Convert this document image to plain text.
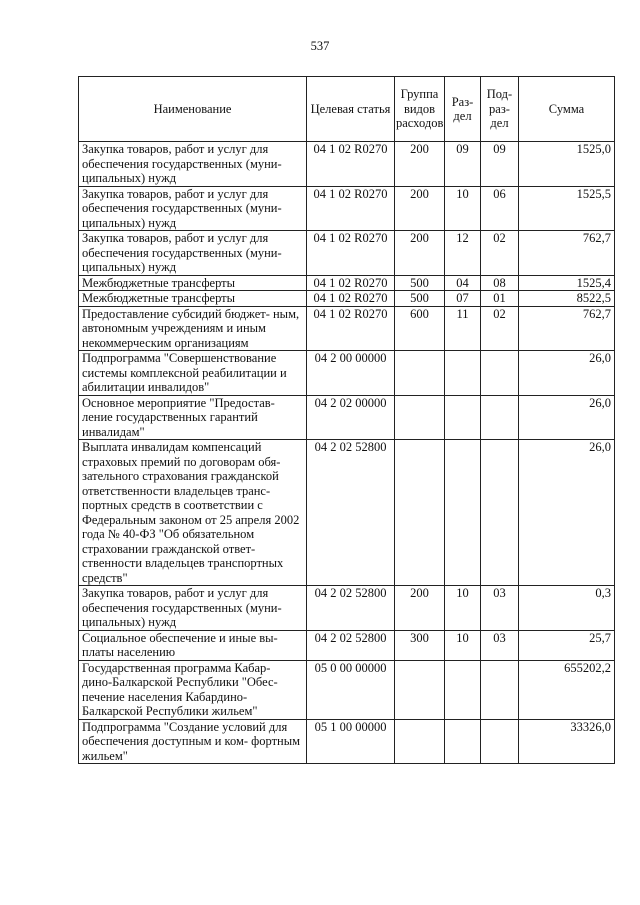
537
Наименование	Целевая статья	Группа видов расходов	Раз- дел	Под- раз- дел	Сумма
Закупка товаров, работ и услуг для обеспечения государственных (муни- ципальных) нужд	04 1 02 R0270	200	09	09	1525,0
Закупка товаров, работ и услуг для обеспечения государственных (муни- ципальных) нужд	04 1 02 R0270	200	10	06	1525,5
Закупка товаров, работ и услуг для обеспечения государственных (муни- ципальных) нужд	04 1 02 R0270	200	12	02	762,7
Межбюджетные трансферты	04 1 02 R0270	500	04	08	1525,4
Межбюджетные трансферты	04 1 02 R0270	500	07	01	8522,5
Предоставление субсидий бюджет- ным, автономным учреждениям и иным некоммерческим организациям	04 1 02 R0270	600	11	02	762,7
Подпрограмма "Совершенствование системы комплексной реабилитации и абилитации инвалидов"	04 2 00 00000				26,0
Основное мероприятие "Предостав- ление государственных гарантий инвалидам"	04 2 02 00000				26,0
Выплата инвалидам компенсаций страховых премий по договорам обя- зательного страхования гражданской ответственности владельцев транс- портных средств в соответствии с Федеральным законом от 25 апреля 2002 года № 40-ФЗ "Об обязательном страховании гражданской ответ- ственности владельцев транспортных средств"	04 2 02 52800				26,0
Закупка товаров, работ и услуг для обеспечения государственных (муни- ципальных) нужд	04 2 02 52800	200	10	03	0,3
Социальное обеспечение и иные вы- платы населению	04 2 02 52800	300	10	03	25,7
Государственная программа Кабар- дино-Балкарской Республики "Обес- печение населения Кабардино- Балкарской Республики жильем"	05 0 00 00000				655202,2
Подпрограмма "Создание условий для обеспечения доступным и ком- фортным жильем"	05 1 00 00000				33326,0
